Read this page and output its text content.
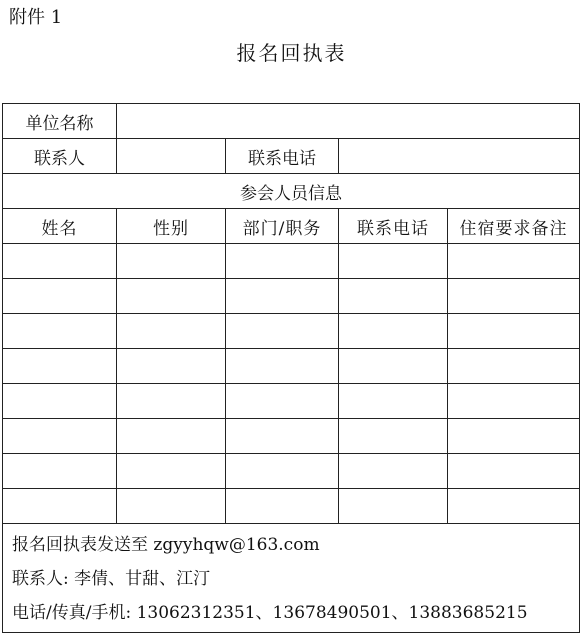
附件 1
报名回执表
单位名称				
联系人		联系电话		
参会人员信息				
姓名	性别	部门/职务	联系电话	住宿要求备注

报名回执表发送至 zgyyhqw@163.com
联系人: 李倩、甘甜、江汀
电话/传真/手机: 13062312351、13678490501、13883685215				
